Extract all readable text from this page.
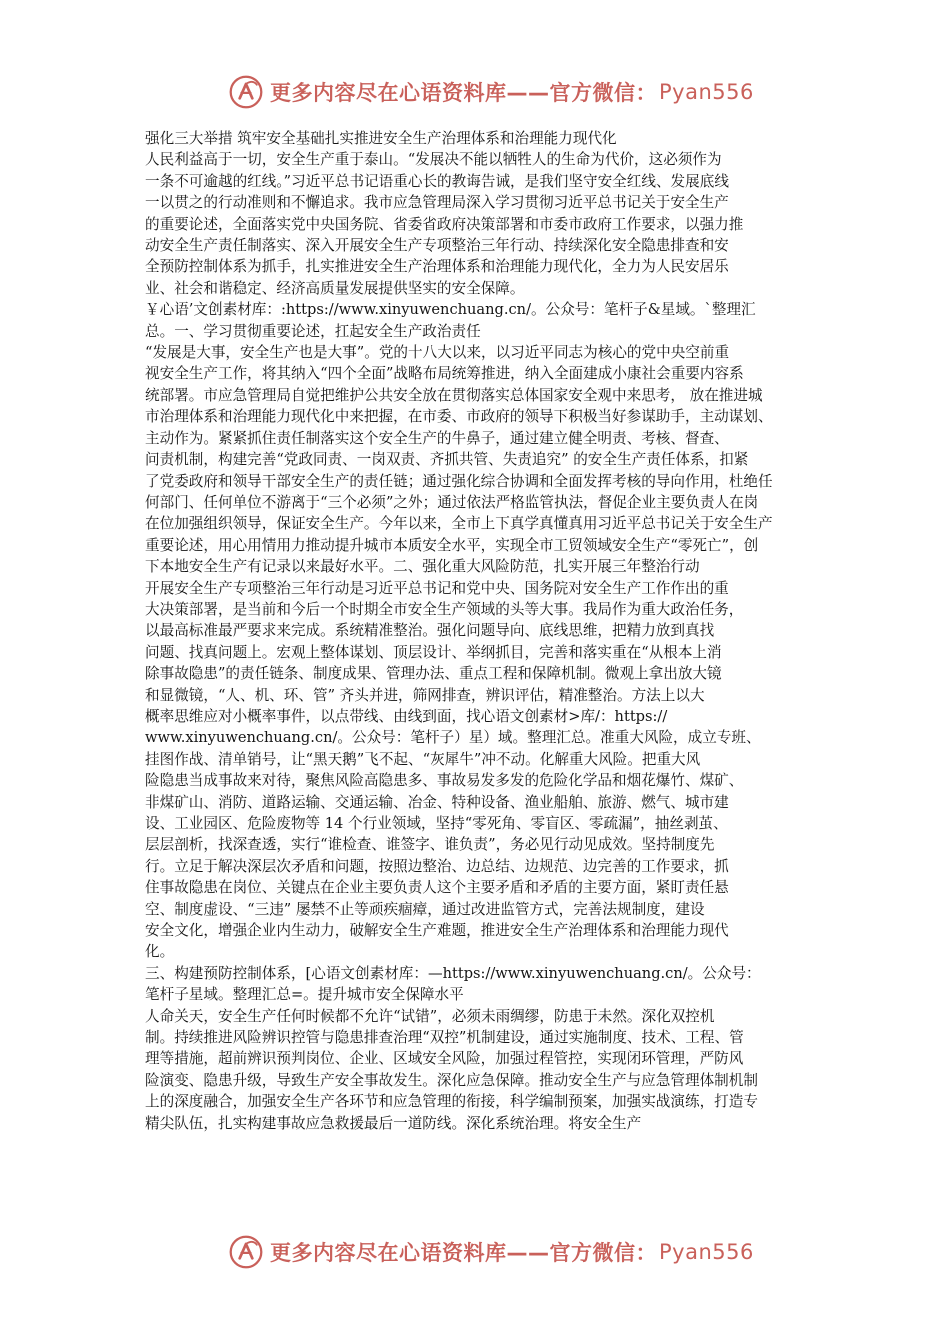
更多内容尽在心语资料库——官方微信： Pyan556
强化三大举措 筑牢安全基础扎实推进安全生产治理体系和治理能力现代化
人民利益高于一切，安全生产重于泰山。“发展决不能以牺牲人的生命为代价，这必须作为
一条不可逾越的红线。”习近平总书记语重心长的教诲告诫，是我们坚守安全红线、发展底线
一以贯之的行动准则和不懈追求。我市应急管理局深入学习贯彻习近平总书记关于安全生产
的重要论述，全面落实党中央国务院、省委省政府决策部署和市委市政府工作要求，以强力推
动安全生产责任制落实、深入开展安全生产专项整治三年行动、持续深化安全隐患排查和安
全预防控制体系为抓手，扎实推进安全生产治理体系和治理能力现代化，全力为人民安居乐
业、社会和谐稳定、经济高质量发展提供坚实的安全保障。
￥心语’文创素材库：:https://www.xinyuwenchuang.cn/。公众号：笔杆子&星域。`整理汇
总。一、学习贯彻重要论述，扛起安全生产政治责任
“发展是大事，安全生产也是大事”。党的十八大以来，以习近平同志为核心的党中央空前重
视安全生产工作，将其纳入“四个全面”战略布局统筹推进，纳入全面建成小康社会重要内容系
统部署。市应急管理局自觉把维护公共安全放在贯彻落实总体国家安全观中来思考， 放在推进城
市治理体系和治理能力现代化中来把握，在市委、市政府的领导下积极当好参谋助手，主动谋划、
主动作为。紧紧抓住责任制落实这个安全生产的牛鼻子，通过建立健全明责、考核、督查、
问责机制，构建完善“党政同责、一岗双责、齐抓共管、失责追究” 的安全生产责任体系，扣紧
了党委政府和领导干部安全生产的责任链；通过强化综合协调和全面发挥考核的导向作用，杜绝任
何部门、任何单位不游离于“三个必须”之外；通过依法严格监管执法，督促企业主要负责人在岗
在位加强组织领导，保证安全生产。今年以来，全市上下真学真懂真用习近平总书记关于安全生产
重要论述，用心用情用力推动提升城市本质安全水平，实现全市工贸领域安全生产“零死亡”，创
下本地安全生产有记录以来最好水平。二、强化重大风险防范，扎实开展三年整治行动
开展安全生产专项整治三年行动是习近平总书记和党中央、国务院对安全生产工作作出的重
大决策部署，是当前和今后一个时期全市安全生产领域的头等大事。我局作为重大政治任务，
以最高标准最严要求来完成。系统精准整治。强化问题导向、底线思维，把精力放到真找
问题、找真问题上。宏观上整体谋划、顶层设计、举纲抓目，完善和落实重在“从根本上消
除事故隐患”的责任链条、制度成果、管理办法、重点工程和保障机制。微观上拿出放大镜
和显微镜，“人、机、环、管” 齐头并进，筛网排查，辨识评估，精准整治。方法上以大
概率思维应对小概率事件，以点带线、由线到面，找心语文创素材>库/：https://
www.xinyuwenchuang.cn/。公众号：笔杆子）星）域。整理汇总。准重大风险，成立专班、
挂图作战、清单销号，让“黑天鹅”飞不起、“灰犀牛”冲不动。化解重大风险。把重大风
险隐患当成事故来对待，聚焦风险高隐患多、事故易发多发的危险化学品和烟花爆竹、煤矿、
非煤矿山、消防、道路运输、交通运输、冶金、特种设备、渔业船舶、旅游、燃气、城市建
设、工业园区、危险废物等 14 个行业领域，坚持“零死角、零盲区、零疏漏”，抽丝剥茧、
层层剖析，找深查透，实行“谁检查、谁签字、谁负责”，务必见行动见成效。坚持制度先
行。立足于解决深层次矛盾和问题，按照边整治、边总结、边规范、边完善的工作要求，抓
住事故隐患在岗位、关键点在企业主要负责人这个主要矛盾和矛盾的主要方面，紧盯责任悬
空、制度虚设、“三违” 屡禁不止等顽疾痼瘴，通过改进监管方式，完善法规制度，建设
安全文化，增强企业内生动力，破解安全生产难题，推进安全生产治理体系和治理能力现代
化。
三、构建预防控制体系，[心语文创素材库：—https://www.xinyuwenchuang.cn/。公众号：
笔杆子星域。整理汇总=。提升城市安全保障水平
人命关天，安全生产任何时候都不允许“试错”，必须未雨绸缪，防患于未然。深化双控机
制。持续推进风险辨识控管与隐患排查治理“双控”机制建设，通过实施制度、技术、工程、管
理等措施，超前辨识预判岗位、企业、区域安全风险，加强过程管控，实现闭环管理，严防风
险演变、隐患升级，导致生产安全事故发生。深化应急保障。推动安全生产与应急管理体制机制
上的深度融合，加强安全生产各环节和应急管理的衔接，科学编制预案，加强实战演练，打造专
精尖队伍，扎实构建事故应急救援最后一道防线。深化系统治理。将安全生产
更多内容尽在心语资料库——官方微信： Pyan556
